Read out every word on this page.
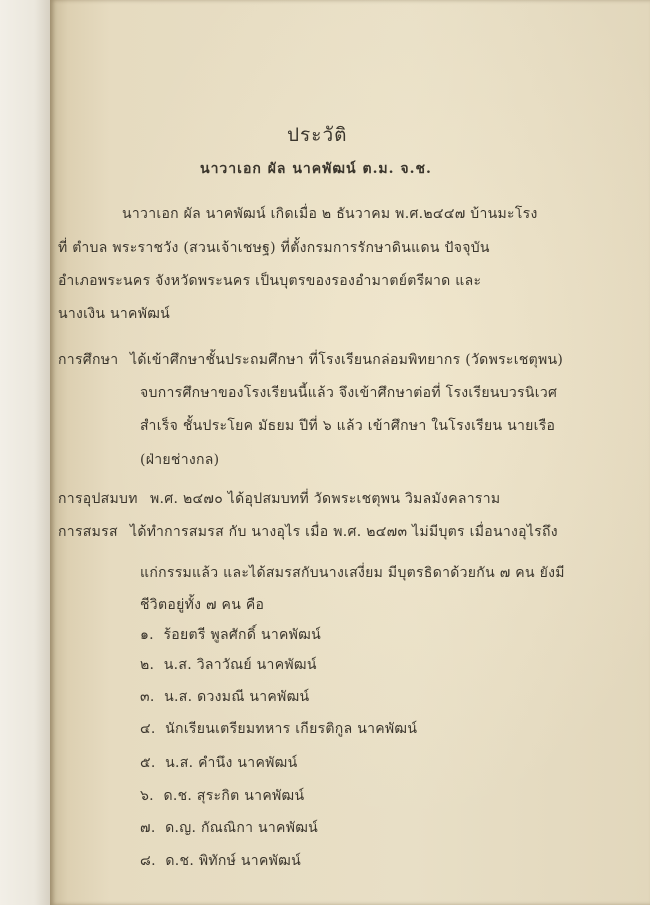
ประวัติ
นาวาเอก ผัล นาคพัฒน์ ต.ม. จ.ช.
นาวาเอก ผัล นาคพัฒน์ เกิดเมื่อ ๒ ธันวาคม พ.ศ.๒๔๔๗ บ้านมะโรง
ที่ ตำบล พระราชวัง (สวนเจ้าเชษฐ) ที่ตั้งกรมการรักษาดินแดน ปัจจุบัน
อำเภอพระนคร จังหวัดพระนคร เป็นบุตรของรองอำมาตย์ตรีผาด และ
นางเงิน นาคพัฒน์
การศึกษา ได้เข้าศึกษาชั้นประถมศึกษา ที่โรงเรียนกล่อมพิทยากร (วัดพระเชตุพน)
จบการศึกษาของโรงเรียนนี้แล้ว จึงเข้าศึกษาต่อที่ โรงเรียนบวรนิเวศ
สำเร็จ ชั้นประโยค มัธยม ปีที่ ๖ แล้ว เข้าศึกษา ในโรงเรียน นายเรือ
(ฝ่ายช่างกล)
การอุปสมบท พ.ศ. ๒๔๗๐ ได้อุปสมบทที่ วัดพระเชตุพน วิมลมังคลาราม
การสมรส ได้ทำการสมรส กับ นางอุไร เมื่อ พ.ศ. ๒๔๗๓ ไม่มีบุตร เมื่อนางอุไรถึง
แก่กรรมแล้ว และได้สมรสกับนางเสงี่ยม มีบุตรธิดาด้วยกัน ๗ คน ยังมี
ชีวิตอยู่ทั้ง ๗ คน คือ
๑. ร้อยตรี พูลศักดิ์ นาคพัฒน์
๒. น.ส. วิลาวัณย์ นาคพัฒน์
๓. น.ส. ดวงมณี นาคพัฒน์
๔. นักเรียนเตรียมทหาร เกียรติกูล นาคพัฒน์
๕. น.ส. คำนึง นาคพัฒน์
๖. ด.ช. สุระกิต นาคพัฒน์
๗. ด.ญ. กัณณิกา นาคพัฒน์
๘. ด.ช. พิทักษ์ นาคพัฒน์
